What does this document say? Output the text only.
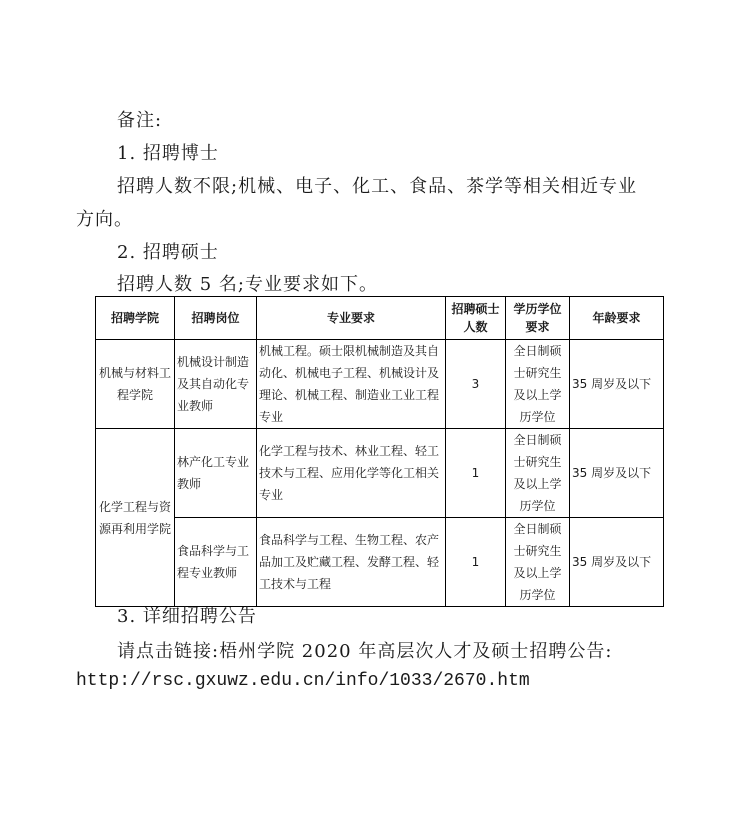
备注:
1. 招聘博士
招聘人数不限;机械、电子、化工、食品、茶学等相关相近专业
方向。
2. 招聘硕士
招聘人数 5 名;专业要求如下。
招聘学院	招聘岗位	专业要求	招聘硕士人数	学历学位要求	年龄要求
机械与材料工程学院	机械设计制造及其自动化专业教师	机械工程。硕士限机械制造及其自动化、机械电子工程、机械设计及理论、机械工程、制造业工业工程专业	3	全日制硕士研究生及以上学历学位	35 周岁及以下
化学工程与资源再利用学院	林产化工专业教师	化学工程与技术、林业工程、轻工技术与工程、应用化学等化工相关专业	1	全日制硕士研究生及以上学历学位	35 周岁及以下
	食品科学与工程专业教师	食品科学与工程、生物工程、农产品加工及贮藏工程、发酵工程、轻工技术与工程	1	全日制硕士研究生及以上学历学位	35 周岁及以下
3. 详细招聘公告
请点击链接:梧州学院 2020 年高层次人才及硕士招聘公告:
http://rsc.gxuwz.edu.cn/info/1033/2670.htm
